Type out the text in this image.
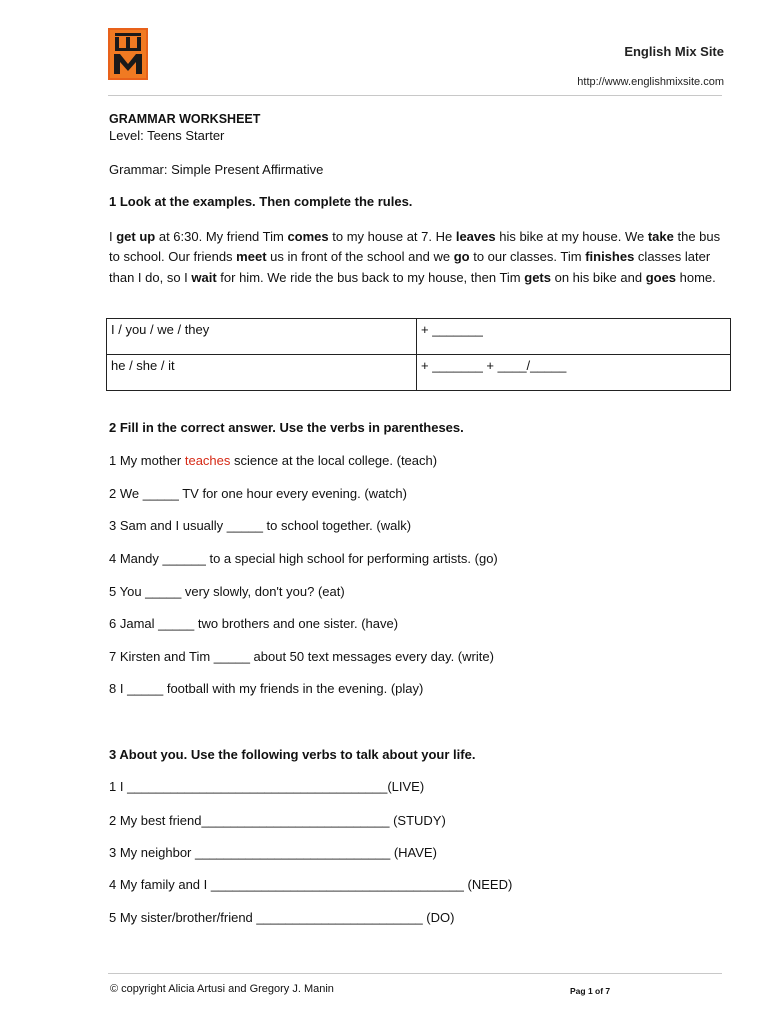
English Mix Site
http://www.englishmixsite.com
GRAMMAR WORKSHEET
Level: Teens Starter
Grammar: Simple Present Affirmative
1 Look at the examples. Then complete the rules.
I get up at 6:30. My friend Tim comes to my house at 7. He leaves his bike at my house. We take the bus to school. Our friends meet us in front of the school and we go to our classes. Tim finishes classes later than I do, so I wait for him. We ride the bus back to my house, then Tim gets on his bike and goes home.
I / you / we / they	+ _______
he / she / it	+ _______ + ____/_____
2 Fill in the correct answer. Use the verbs in parentheses.
1 My mother teaches science at the local college. (teach)
2 We _____ TV for one hour every evening. (watch)
3 Sam and I usually _____ to school together. (walk)
4 Mandy ______ to a special high school for performing artists. (go)
5 You _____ very slowly, don't you? (eat)
6 Jamal _____ two brothers and one sister. (have)
7 Kirsten and Tim _____ about 50 text messages every day. (write)
8 I _____ football with my friends in the evening. (play)
3 About you. Use the following verbs to talk about your life.
1 I ____________________________________(LIVE)
2 My best friend__________________________ (STUDY)
3 My neighbor ___________________________ (HAVE)
4 My family and I ___________________________________ (NEED)
5 My sister/brother/friend _______________________ (DO)
© copyright Alicia Artusi and Gregory J. Manin	Pag 1 of 7
